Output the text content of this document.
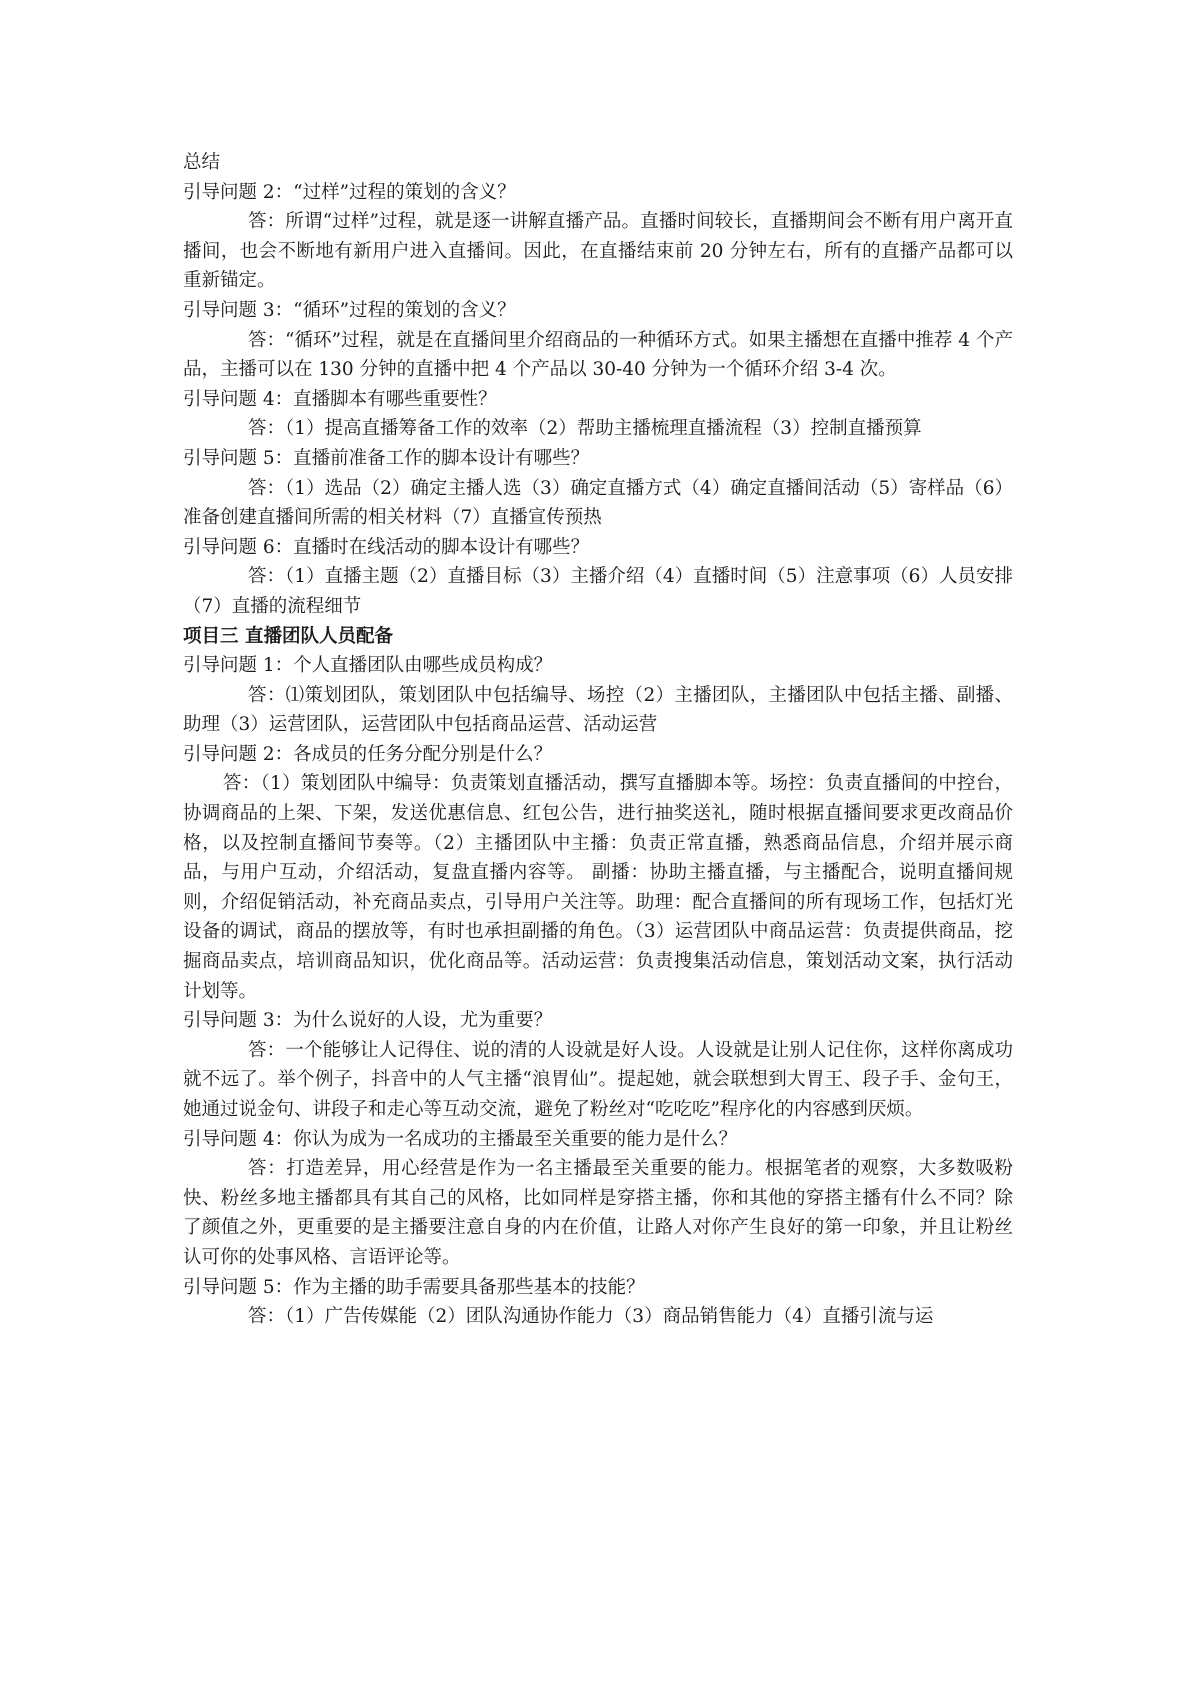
总结

引导问题 2：“过样”过程的策划的含义？

答：所谓“过样”过程，就是逐一讲解直播产品。直播时间较长，直播期间会不断有用户离开直播间，也会不断地有新用户进入直播间。因此，在直播结束前 20 分钟左右，所有的直播产品都可以重新锚定。

引导问题 3：“循环”过程的策划的含义？

答：“循环”过程，就是在直播间里介绍商品的一种循环方式。如果主播想在直播中推荐 4 个产品，主播可以在 130 分钟的直播中把 4 个产品以 30-40 分钟为一个循环介绍 3-4 次。

引导问题 4：直播脚本有哪些重要性？

答：（1）提高直播筹备工作的效率（2）帮助主播梳理直播流程（3）控制直播预算

引导问题 5：直播前准备工作的脚本设计有哪些？

答：（1）选品（2）确定主播人选（3）确定直播方式（4）确定直播间活动（5）寄样品（6）准备创建直播间所需的相关材料（7）直播宣传预热

引导问题 6：直播时在线活动的脚本设计有哪些？

答：（1）直播主题（2）直播目标（3）主播介绍（4）直播时间（5）注意事项（6）人员安排（7）直播的流程细节

项目三 直播团队人员配备

引导问题 1：个人直播团队由哪些成员构成？

答：⑴策划团队，策划团队中包括编导、场控（2）主播团队，主播团队中包括主播、副播、助理（3）运营团队，运营团队中包括商品运营、活动运营

引导问题 2：各成员的任务分配分别是什么？

答：（1）策划团队中编导：负责策划直播活动，撰写直播脚本等。场控：负责直播间的中控台，协调商品的上架、下架，发送优惠信息、红包公告，进行抽奖送礼，随时根据直播间要求更改商品价格，以及控制直播间节奏等。（2）主播团队中主播：负责正常直播，熟悉商品信息，介绍并展示商品，与用户互动，介绍活动，复盘直播内容等。 副播：协助主播直播，与主播配合，说明直播间规则，介绍促销活动，补充商品卖点，引导用户关注等。助理：配合直播间的所有现场工作，包括灯光设备的调试，商品的摆放等，有时也承担副播的角色。（3）运营团队中商品运营：负责提供商品，挖掘商品卖点，培训商品知识，优化商品等。活动运营：负责搜集活动信息，策划活动文案，执行活动计划等。

引导问题 3：为什么说好的人设，尤为重要？

答：一个能够让人记得住、说的清的人设就是好人设。人设就是让别人记住你，这样你离成功就不远了。举个例子，抖音中的人气主播“浪胃仙”。提起她，就会联想到大胃王、段子手、金句王，她通过说金句、讲段子和走心等互动交流，避免了粉丝对“吃吃吃”程序化的内容感到厌烦。

引导问题 4：你认为成为一名成功的主播最至关重要的能力是什么？

答：打造差异，用心经营是作为一名主播最至关重要的能力。根据笔者的观察，大多数吸粉快、粉丝多地主播都具有其自己的风格，比如同样是穿搭主播，你和其他的穿搭主播有什么不同？除了颜值之外，更重要的是主播要注意自身的内在价值，让路人对你产生良好的第一印象，并且让粉丝认可你的处事风格、言语评论等。

引导问题 5：作为主播的助手需要具备那些基本的技能？

答：（1）广告传媒能（2）团队沟通协作能力（3）商品销售能力（4）直播引流与运
